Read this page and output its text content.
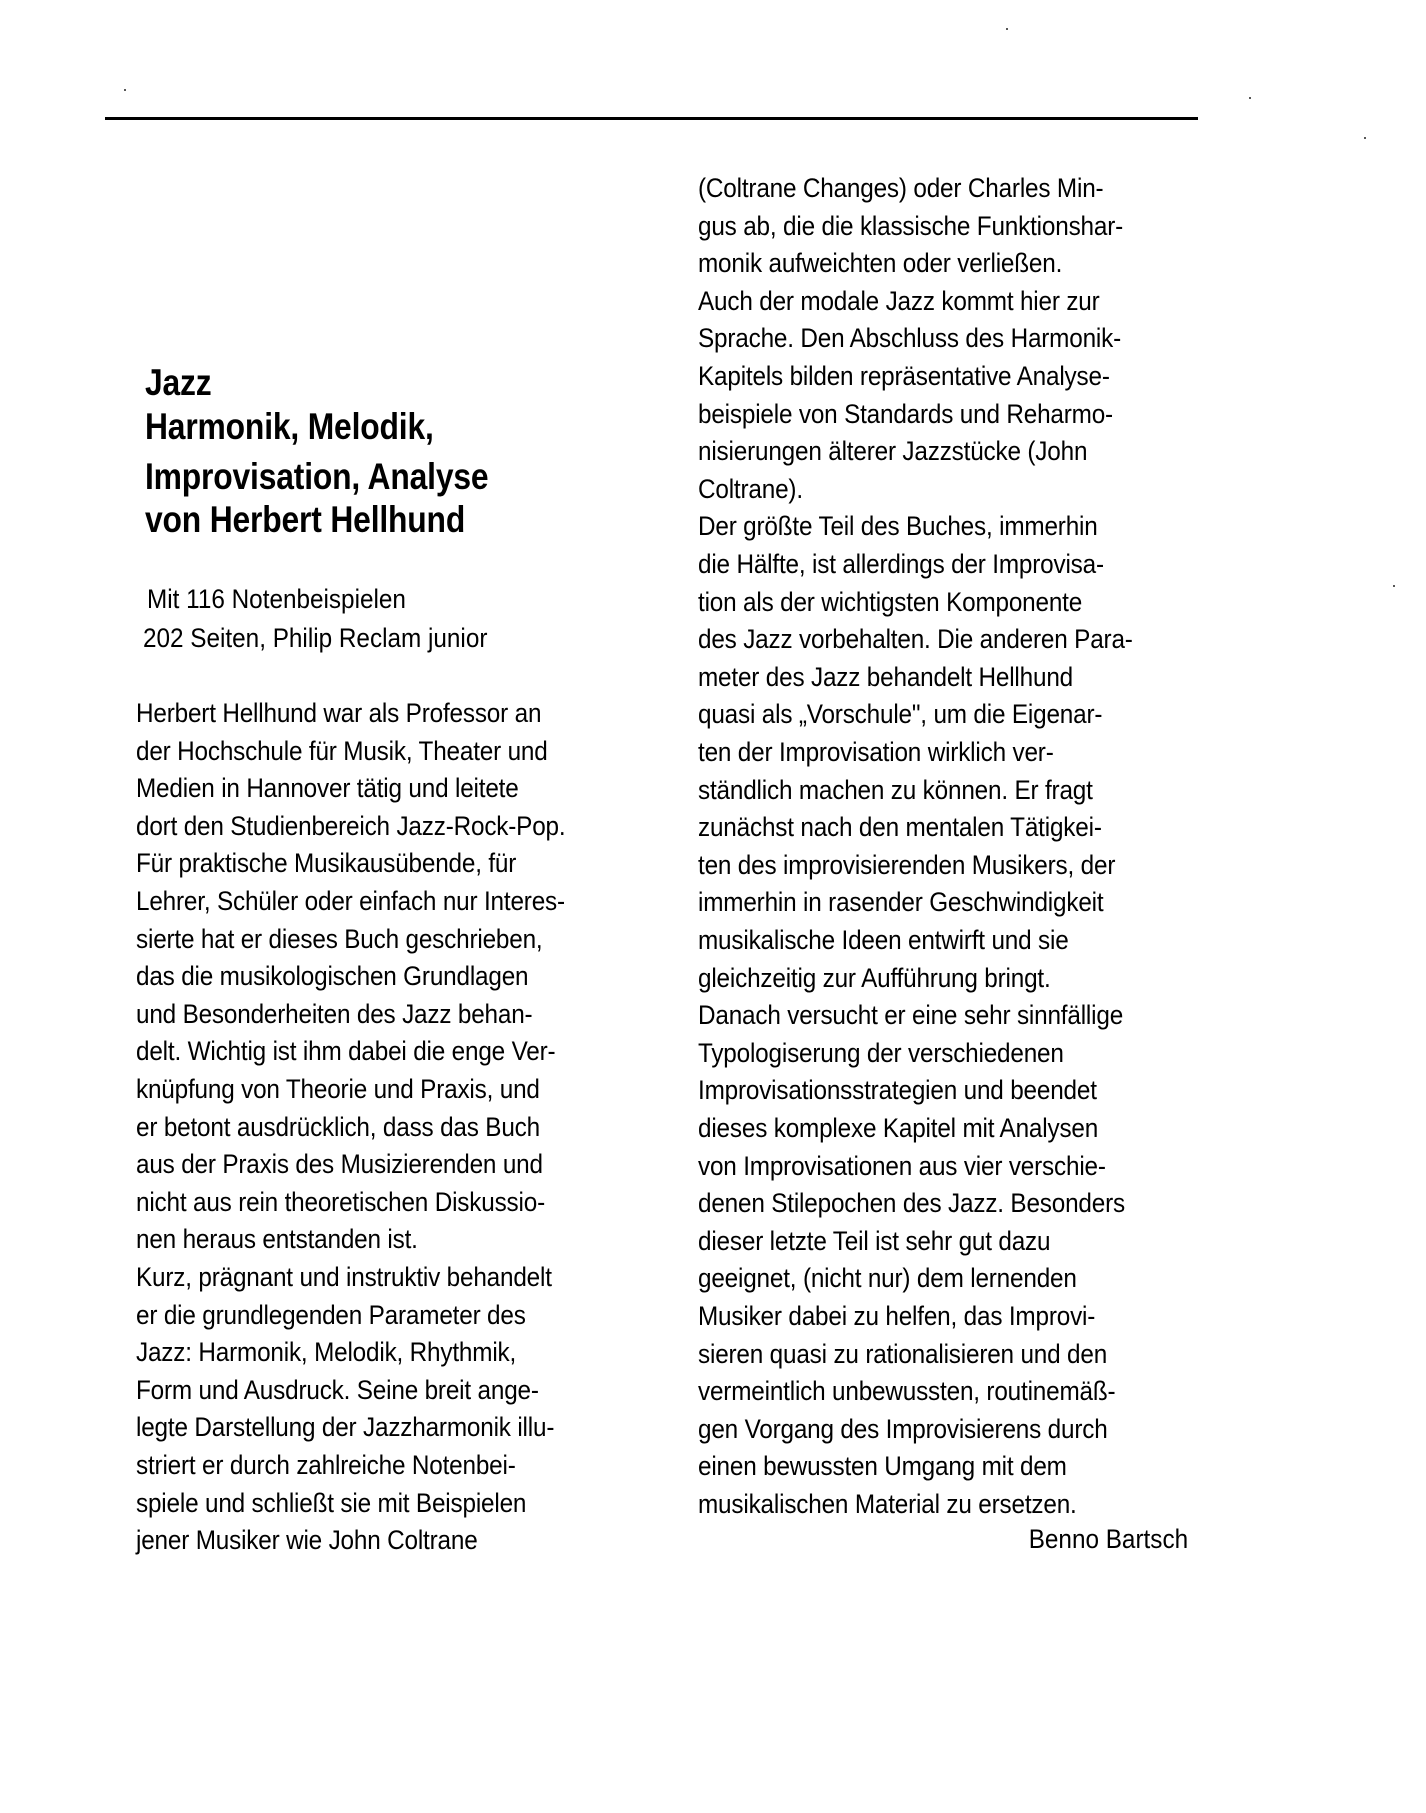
Jazz
Harmonik, Melodik,
Improvisation, Analyse
von Herbert Hellhund
Mit 116 Notenbeispielen
202 Seiten, Philip Reclam junior
Herbert Hellhund war als Professor an
der Hochschule für Musik, Theater und
Medien in Hannover tätig und leitete
dort den Studienbereich Jazz-Rock-Pop.
Für praktische Musikausübende, für
Lehrer, Schüler oder einfach nur Interes-
sierte hat er dieses Buch geschrieben,
das die musikologischen Grundlagen
und Besonderheiten des Jazz behan-
delt. Wichtig ist ihm dabei die enge Ver-
knüpfung von Theorie und Praxis, und
er betont ausdrücklich, dass das Buch
aus der Praxis des Musizierenden und
nicht aus rein theoretischen Diskussio-
nen heraus entstanden ist.
Kurz, prägnant und instruktiv behandelt
er die grundlegenden Parameter des
Jazz: Harmonik, Melodik, Rhythmik,
Form und Ausdruck. Seine breit ange-
legte Darstellung der Jazzharmonik illu-
striert er durch zahlreiche Notenbei-
spiele und schließt sie mit Beispielen
jener Musiker wie John Coltrane
(Coltrane Changes) oder Charles Min-
gus ab, die die klassische Funktionshar-
monik aufweichten oder verließen.
Auch der modale Jazz kommt hier zur
Sprache. Den Abschluss des Harmonik-
Kapitels bilden repräsentative Analyse-
beispiele von Standards und Reharmo-
nisierungen älterer Jazzstücke (John
Coltrane).
Der größte Teil des Buches, immerhin
die Hälfte, ist allerdings der Improvisa-
tion als der wichtigsten Komponente
des Jazz vorbehalten. Die anderen Para-
meter des Jazz behandelt Hellhund
quasi als „Vorschule", um die Eigenar-
ten der Improvisation wirklich ver-
ständlich machen zu können. Er fragt
zunächst nach den mentalen Tätigkei-
ten des improvisierenden Musikers, der
immerhin in rasender Geschwindigkeit
musikalische Ideen entwirft und sie
gleichzeitig zur Aufführung bringt.
Danach versucht er eine sehr sinnfällige
Typologiserung der verschiedenen
Improvisationsstrategien und beendet
dieses komplexe Kapitel mit Analysen
von Improvisationen aus vier verschie-
denen Stilepochen des Jazz. Besonders
dieser letzte Teil ist sehr gut dazu
geeignet, (nicht nur) dem lernenden
Musiker dabei zu helfen, das Improvi-
sieren quasi zu rationalisieren und den
vermeintlich unbewussten, routinemäß-
gen Vorgang des Improvisierens durch
einen bewussten Umgang mit dem
musikalischen Material zu ersetzen.
Benno Bartsch
